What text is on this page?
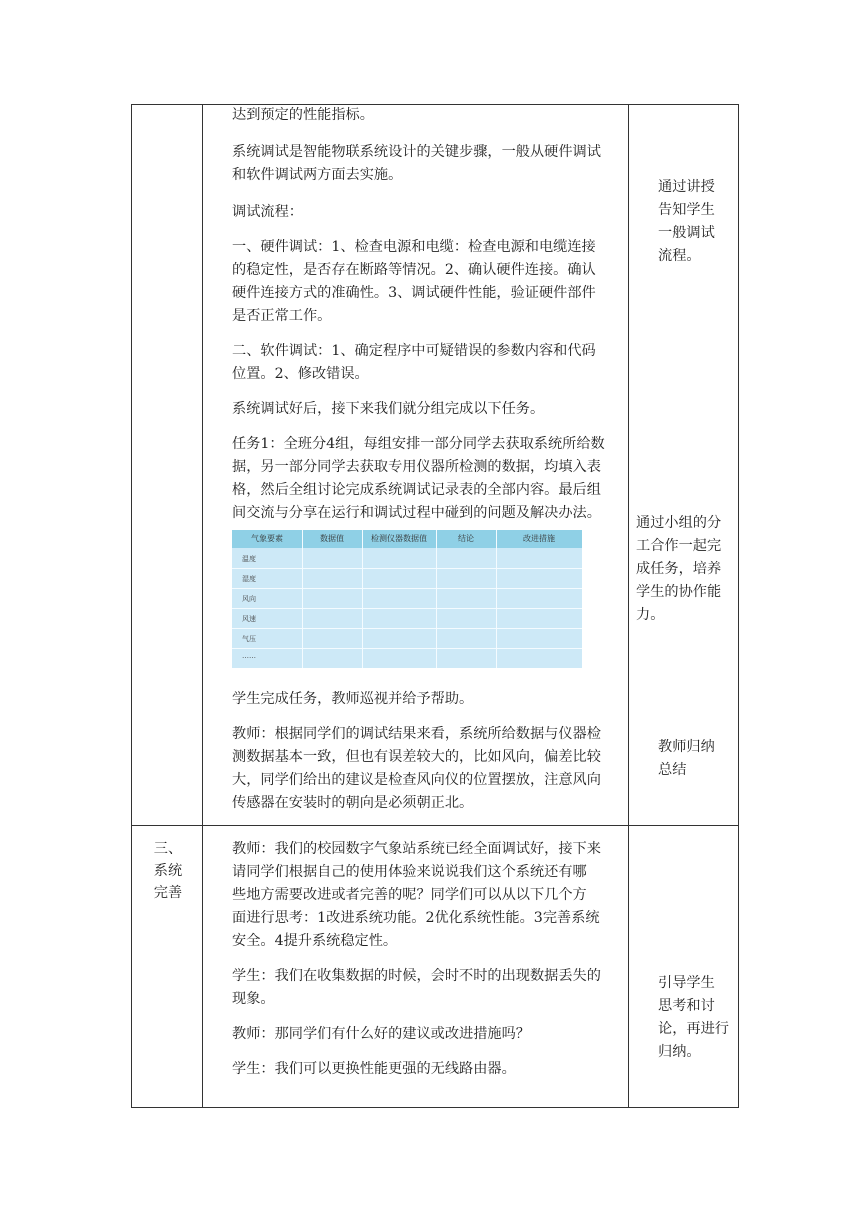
达到预定的性能指标。

系统调试是智能物联系统设计的关键步骤，一般从硬件调试
和软件调试两方面去实施。

调试流程：

一、硬件调试：1、检查电源和电缆：检查电源和电缆连接
的稳定性，是否存在断路等情况。2、确认硬件连接。确认
硬件连接方式的准确性。3、调试硬件性能，验证硬件部件
是否正常工作。

二、软件调试：1、确定程序中可疑错误的参数内容和代码
位置。2、修改错误。

系统调试好后，接下来我们就分组完成以下任务。

任务1：全班分4组，每组安排一部分同学去获取系统所给数
据，另一部分同学去获取专用仪器所检测的数据，均填入表
格，然后全组讨论完成系统调试记录表的全部内容。最后组
间交流与分享在运行和调试过程中碰到的问题及解决办法。

气象要素	数据值	检测仪器数据值	结论	改进措施
温度
湿度
风向
风速
气压
……

学生完成任务，教师巡视并给予帮助。

教师：根据同学们的调试结果来看，系统所给数据与仪器检
测数据基本一致，但也有误差较大的，比如风向，偏差比较
大，同学们给出的建议是检查风向仪的位置摆放，注意风向
传感器在安装时的朝向是必须朝正北。

通过讲授
告知学生
一般调试
流程。
通过小组的分
工合作一起完
成任务，培养
学生的协作能
力。
教师归纳
总结
三、
系统
完善

教师：我们的校园数字气象站系统已经全面调试好，接下来
请同学们根据自己的使用体验来说说我们这个系统还有哪
些地方需要改进或者完善的呢？同学们可以从以下几个方
面进行思考：1改进系统功能。2优化系统性能。3完善系统
安全。4提升系统稳定性。

学生：我们在收集数据的时候，会时不时的出现数据丢失的
现象。

教师：那同学们有什么好的建议或改进措施吗？

学生：我们可以更换性能更强的无线路由器。

引导学生
思考和讨
论，再进行
归纳。
